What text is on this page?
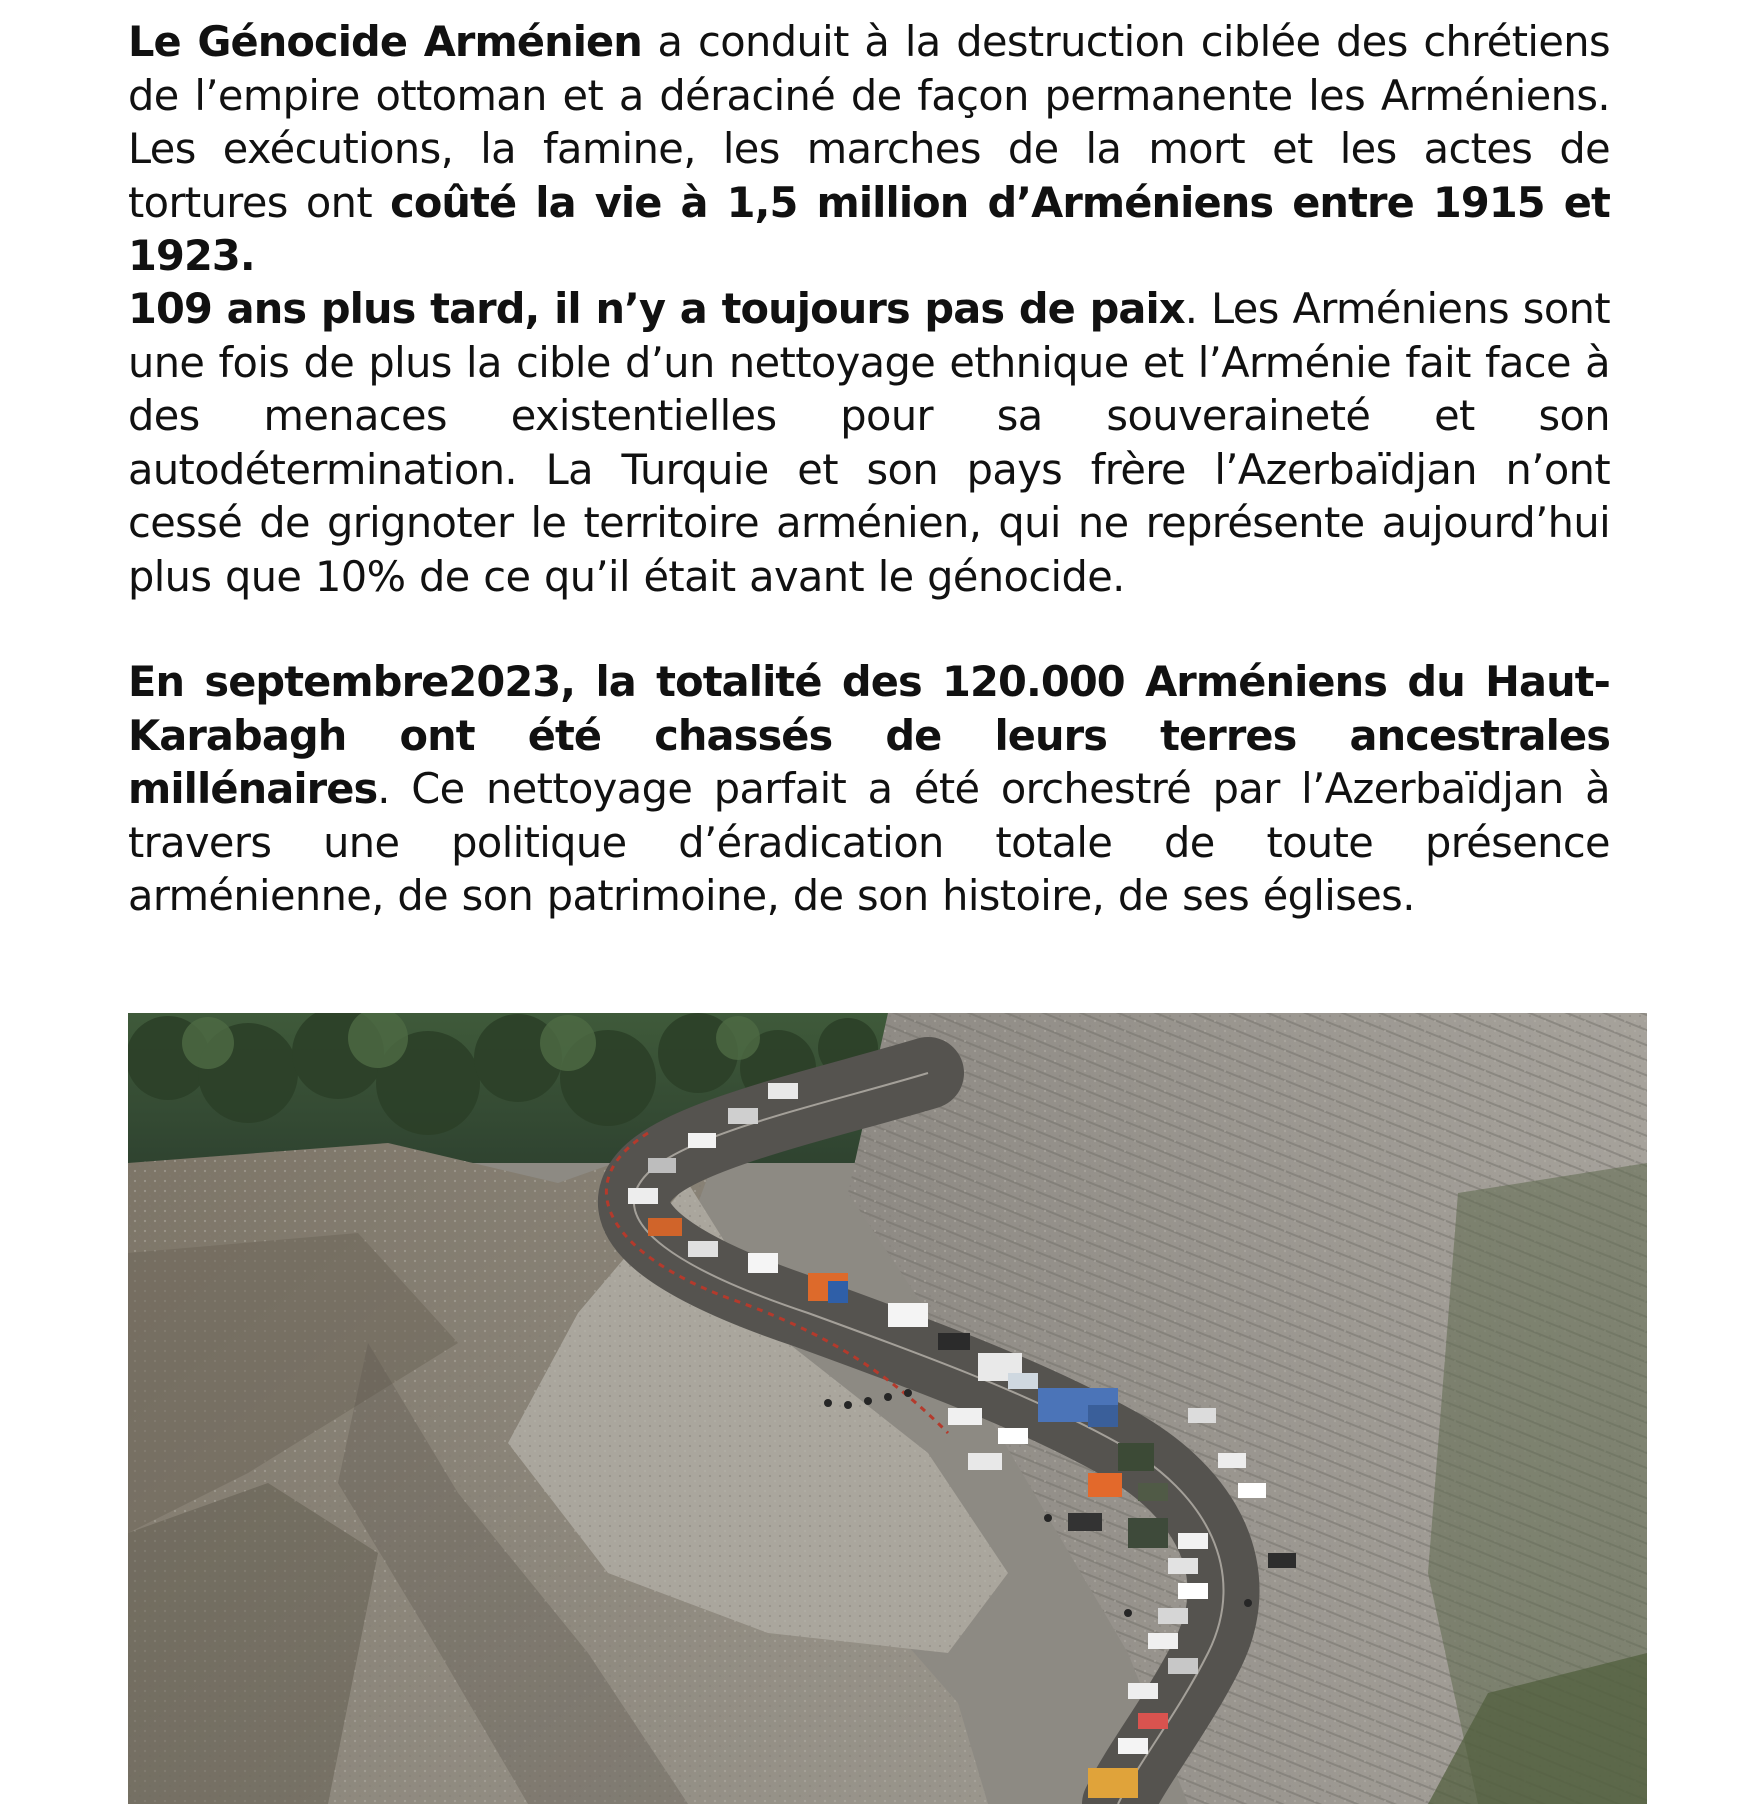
Le Génocide Arménien a conduit à la destruction ciblée des chrétiens de l’empire ottoman et a déraciné de façon permanente les Arméniens. Les exécutions, la famine, les marches de la mort et les actes de tortures ont coûté la vie à 1,5 million d’Arméniens entre 1915 et 1923.

109 ans plus tard, il n’y a toujours pas de paix. Les Arméniens sont une fois de plus la cible d’un nettoyage ethnique et l’Arménie fait face à des menaces existentielles pour sa souveraineté et son autodétermination. La Turquie et son pays frère l’Azerbaïdjan n’ont cessé de grignoter le territoire arménien, qui ne représente aujourd’hui plus que 10% de ce qu’il était avant le génocide.

En septembre2023, la totalité des 120.000 Arméniens du Haut-Karabagh ont été chassés de leurs terres ancestrales millénaires. Ce nettoyage parfait a été orchestré par l’Azerbaïdjan à travers une politique d’éradication totale de toute présence arménienne, de son patrimoine, de son histoire, de ses églises.
